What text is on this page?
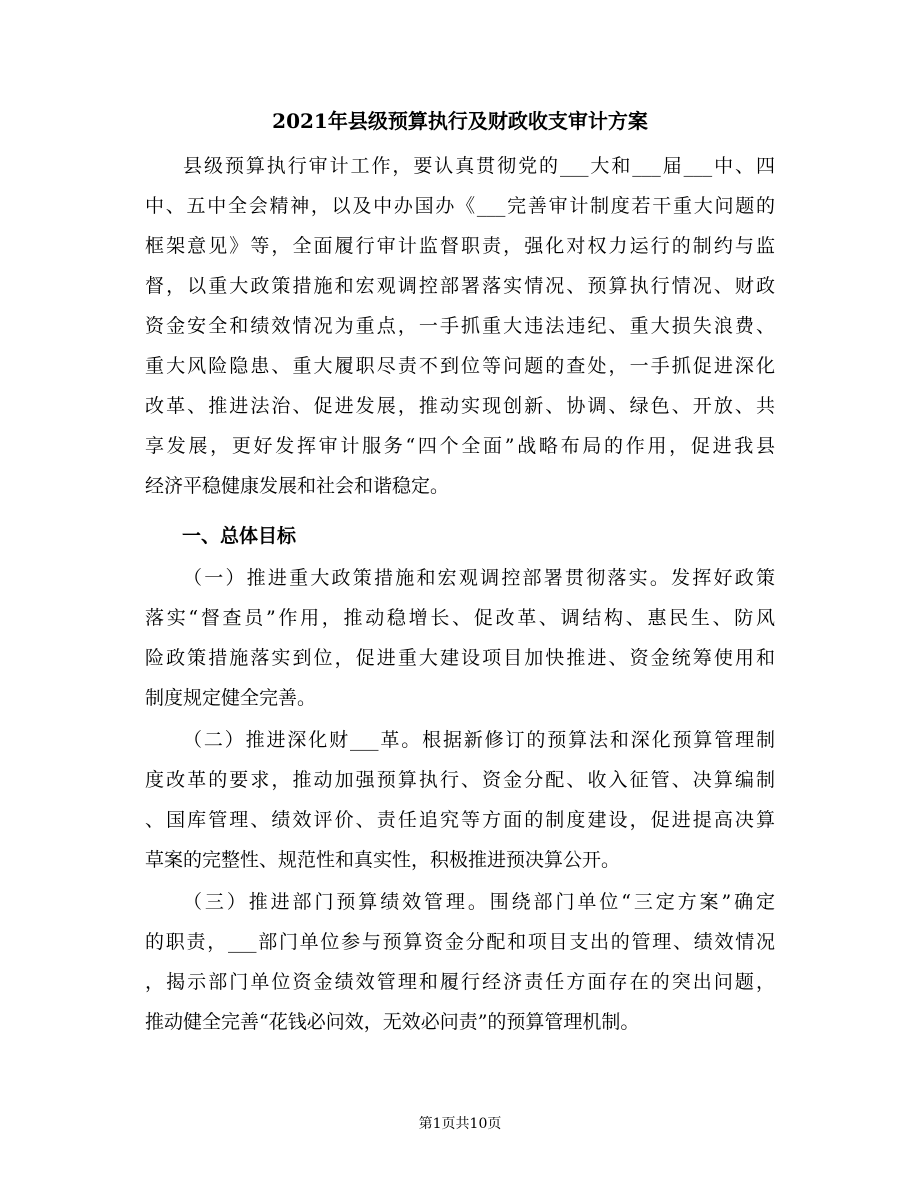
2021年县级预算执行及财政收支审计方案

县级预算执行审计工作，要认真贯彻党的___大和___届___中、四

中、五中全会精神，以及中办国办《___完善审计制度若干重大问题的

框架意见》等，全面履行审计监督职责，强化对权力运行的制约与监

督，以重大政策措施和宏观调控部署落实情况、预算执行情况、财政

资金安全和绩效情况为重点，一手抓重大违法违纪、重大损失浪费、

重大风险隐患、重大履职尽责不到位等问题的查处，一手抓促进深化

改革、推进法治、促进发展，推动实现创新、协调、绿色、开放、共

享发展，更好发挥审计服务“四个全面”战略布局的作用，促进我县

经济平稳健康发展和社会和谐稳定。

一、总体目标

（一）推进重大政策措施和宏观调控部署贯彻落实。发挥好政策

落实“督查员”作用，推动稳增长、促改革、调结构、惠民生、防风

险政策措施落实到位，促进重大建设项目加快推进、资金统筹使用和

制度规定健全完善。

（二）推进深化财___革。根据新修订的预算法和深化预算管理制

度改革的要求，推动加强预算执行、资金分配、收入征管、决算编制

、国库管理、绩效评价、责任追究等方面的制度建设，促进提高决算

草案的完整性、规范性和真实性，积极推进预决算公开。

（三）推进部门预算绩效管理。围绕部门单位“三定方案”确定

的职责，___部门单位参与预算资金分配和项目支出的管理、绩效情况

，揭示部门单位资金绩效管理和履行经济责任方面存在的突出问题，

推动健全完善“花钱必问效，无效必问责”的预算管理机制。

第1页共10页
